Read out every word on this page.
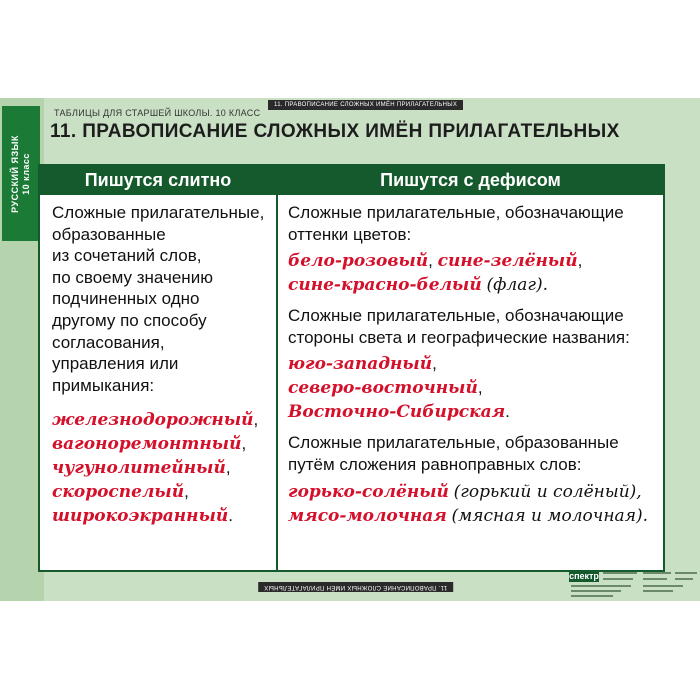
РУССКИЙ ЯЗЫК 10 класс
ТАБЛИЦЫ ДЛЯ СТАРШЕЙ ШКОЛЫ. 10 КЛАСС
11. ПРАВОПИСАНИЕ СЛОЖНЫХ ИМЁН ПРИЛАГАТЕЛЬНЫХ
11. ПРАВОПИСАНИЕ СЛОЖНЫХ ИМЁН ПРИЛАГАТЕЛЬНЫХ
Пишутся слитно	Пишутся с дефисом
Сложные прилагательные,
образованные
из сочетаний слов,
по своему значению
подчиненных одно
другому по способу
согласования,
управления или
примыкания:
железнодорожный,
вагоноремонтный,
чугунолитейный,
скороспелый,
широкоэкранный.
Сложные прилагательные, обозначающие
оттенки цветов:
бело-розовый, сине-зелёный,
сине-красно-белый (флаг).
Сложные прилагательные, обозначающие
стороны света и географические названия:
юго-западный,
северо-восточный,
Восточно-Сибирская.
Сложные прилагательные, образованные
путём сложения равноправных слов:
горько-солёный (горький и солёный),
мясо-молочная (мясная и молочная).
11. ПРАВОПИСАНИЕ СЛОЖНЫХ ИМЁН ПРИЛАГАТЕЛЬНЫХ
спектр
